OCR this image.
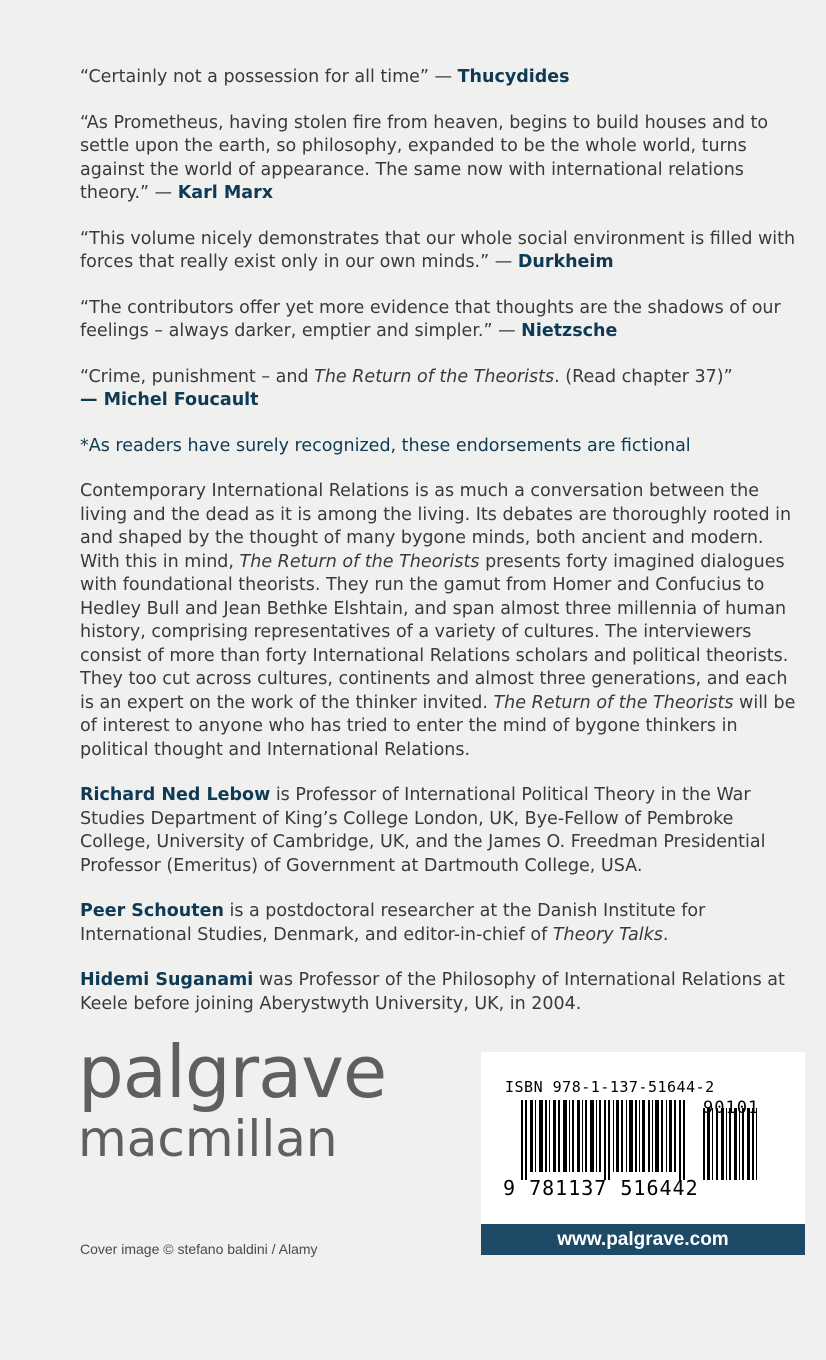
“Certainly not a possession for all time” — Thucydides

“As Prometheus, having stolen fire from heaven, begins to build houses and to settle upon the earth, so philosophy, expanded to be the whole world, turns against the world of appearance. The same now with international relations theory.” — Karl Marx

“This volume nicely demonstrates that our whole social environment is filled with forces that really exist only in our own minds.” — Durkheim

“The contributors offer yet more evidence that thoughts are the shadows of our feelings – always darker, emptier and simpler.” — Nietzsche

“Crime, punishment – and The Return of the Theorists. (Read chapter 37)”
— Michel Foucault

*As readers have surely recognized, these endorsements are fictional

Contemporary International Relations is as much a conversation between the living and the dead as it is among the living. Its debates are thoroughly rooted in and shaped by the thought of many bygone minds, both ancient and modern. With this in mind, The Return of the Theorists presents forty imagined dialogues with foundational theorists. They run the gamut from Homer and Confucius to Hedley Bull and Jean Bethke Elshtain, and span almost three millennia of human history, comprising representatives of a variety of cultures. The interviewers consist of more than forty International Relations scholars and political theorists. They too cut across cultures, continents and almost three generations, and each is an expert on the work of the thinker invited. The Return of the Theorists will be of interest to anyone who has tried to enter the mind of bygone thinkers in political thought and International Relations.

Richard Ned Lebow is Professor of International Political Theory in the War Studies Department of King’s College London, UK, Bye-Fellow of Pembroke College, University of Cambridge, UK, and the James O. Freedman Presidential Professor (Emeritus) of Government at Dartmouth College, USA.

Peer Schouten is a postdoctoral researcher at the Danish Institute for International Studies, Denmark, and editor-in-chief of Theory Talks.

Hidemi Suganami was Professor of the Philosophy of International Relations at Keele before joining Aberystwyth University, UK, in 2004.

palgrave
macmillan
ISBN 978-1-137-51644-2
90101
9 781137 516442
www.palgrave.com
Cover image © stefano baldini / Alamy
